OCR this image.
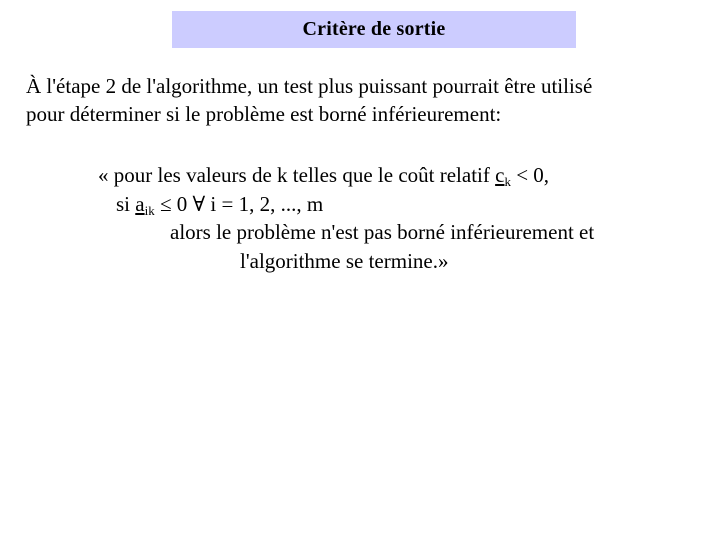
Critère de sortie
À l'étape 2 de l'algorithme, un test plus puissant pourrait être utilisé
pour déterminer si le problème est borné inférieurement:
« pour les valeurs de k telles que le coût relatif $c_k < 0$,
si $a_{ik} \le 0$ ∀ i = 1, 2, ..., m
alors le problème n'est pas borné inférieurement et
l'algorithme se termine.»
